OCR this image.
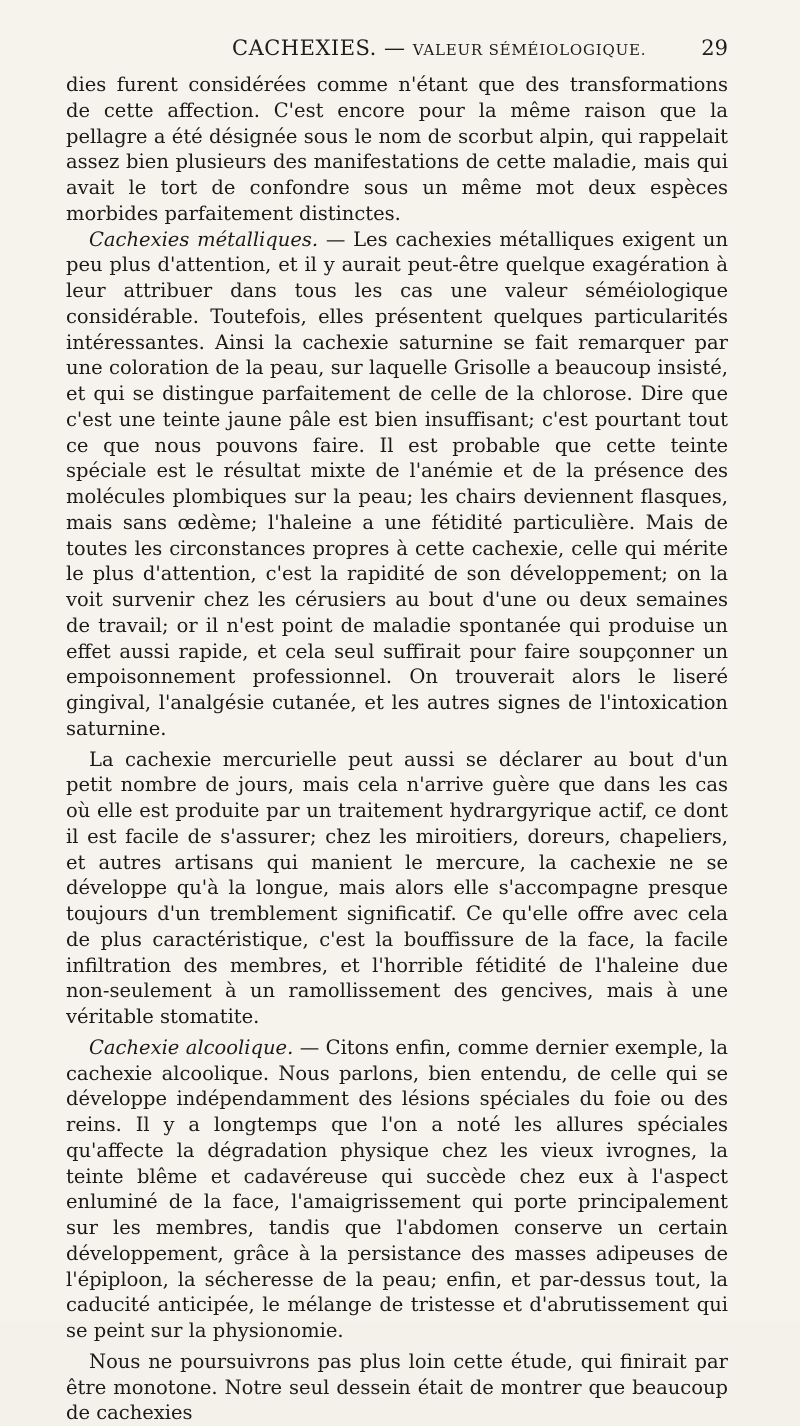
CACHEXIES. — VALEUR SÉMÉIOLOGIQUE.	29

dies furent considérées comme n'étant que des transformations de cette affection. C'est encore pour la même raison que la pellagre a été désignée sous le nom de scorbut alpin, qui rappelait assez bien plusieurs des manifestations de cette maladie, mais qui avait le tort de confondre sous un même mot deux espèces morbides parfaitement distinctes.

Cachexies métalliques. — Les cachexies métalliques exigent un peu plus d'attention, et il y aurait peut-être quelque exagération à leur attribuer dans tous les cas une valeur séméiologique considérable. Toutefois, elles présentent quelques particularités intéressantes. Ainsi la cachexie saturnine se fait remarquer par une coloration de la peau, sur laquelle Grisolle a beaucoup insisté, et qui se distingue parfaitement de celle de la chlorose. Dire que c'est une teinte jaune pâle est bien insuffisant; c'est pourtant tout ce que nous pouvons faire. Il est probable que cette teinte spéciale est le résultat mixte de l'anémie et de la présence des molécules plombiques sur la peau; les chairs deviennent flasques, mais sans œdème; l'haleine a une fétidité particulière. Mais de toutes les circonstances propres à cette cachexie, celle qui mérite le plus d'attention, c'est la rapidité de son développement; on la voit survenir chez les cérusiers au bout d'une ou deux semaines de travail; or il n'est point de maladie spontanée qui produise un effet aussi rapide, et cela seul suffirait pour faire soupçonner un empoisonnement professionnel. On trouverait alors le liseré gingival, l'analgésie cutanée, et les autres signes de l'intoxication saturnine.

La cachexie mercurielle peut aussi se déclarer au bout d'un petit nombre de jours, mais cela n'arrive guère que dans les cas où elle est produite par un traitement hydrargyrique actif, ce dont il est facile de s'assurer; chez les miroitiers, doreurs, chapeliers, et autres artisans qui manient le mercure, la cachexie ne se développe qu'à la longue, mais alors elle s'accompagne presque toujours d'un tremblement significatif. Ce qu'elle offre avec cela de plus caractéristique, c'est la bouffissure de la face, la facile infiltration des membres, et l'horrible fétidité de l'haleine due non-seulement à un ramollissement des gencives, mais à une véritable stomatite.

Cachexie alcoolique. — Citons enfin, comme dernier exemple, la cachexie alcoolique. Nous parlons, bien entendu, de celle qui se développe indépendamment des lésions spéciales du foie ou des reins. Il y a longtemps que l'on a noté les allures spéciales qu'affecte la dégradation physique chez les vieux ivrognes, la teinte blême et cadavéreuse qui succède chez eux à l'aspect enluminé de la face, l'amaigrissement qui porte principalement sur les membres, tandis que l'abdomen conserve un certain développement, grâce à la persistance des masses adipeuses de l'épiploon, la sécheresse de la peau; enfin, et par-dessus tout, la caducité anticipée, le mélange de tristesse et d'abrutissement qui se peint sur la physionomie.

Nous ne poursuivrons pas plus loin cette étude, qui finirait par être monotone. Notre seul dessein était de montrer que beaucoup de cachexies
